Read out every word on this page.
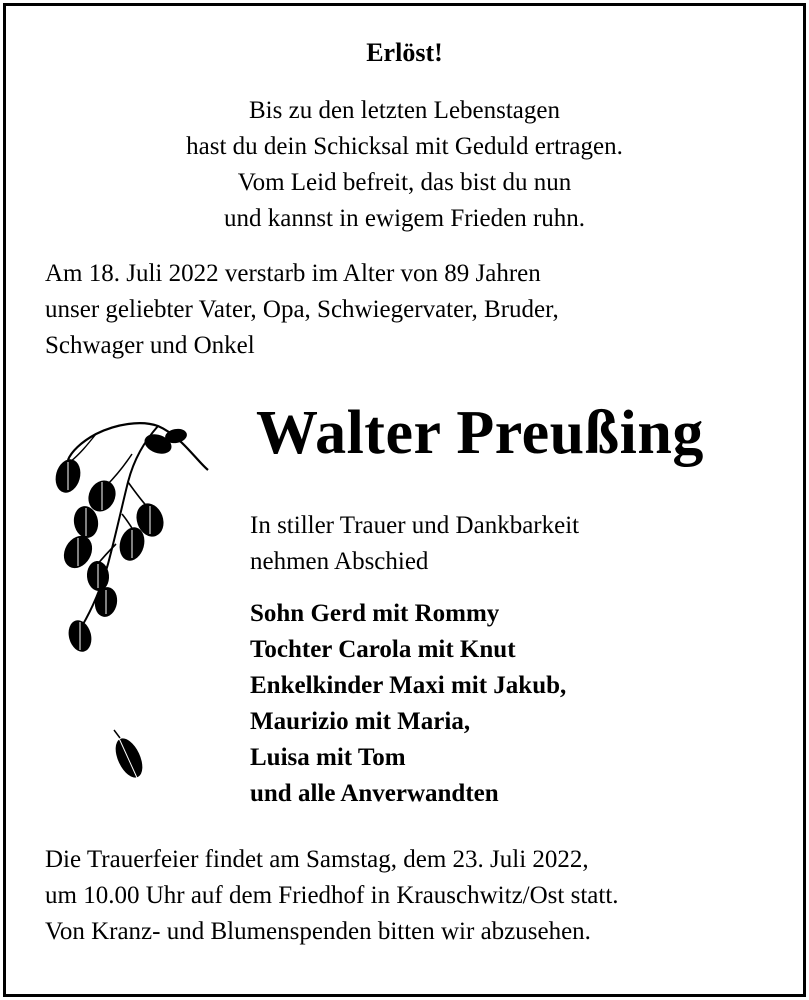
Erlöst!
Bis zu den letzten Lebenstagen
hast du dein Schicksal mit Geduld ertragen.
Vom Leid befreit, das bist du nun
und kannst in ewigem Frieden ruhn.
Am 18. Juli 2022 verstarb im Alter von 89 Jahren
unser geliebter Vater, Opa, Schwiegervater, Bruder,
Schwager und Onkel
Walter Preußing
In stiller Trauer und Dankbarkeit
nehmen Abschied
Sohn Gerd mit Rommy
Tochter Carola mit Knut
Enkelkinder Maxi mit Jakub,
Maurizio mit Maria,
Luisa mit Tom
und alle Anverwandten
Die Trauerfeier findet am Samstag, dem 23. Juli 2022,
um 10.00 Uhr auf dem Friedhof in Krauschwitz/Ost statt.
Von Kranz- und Blumenspenden bitten wir abzusehen.
